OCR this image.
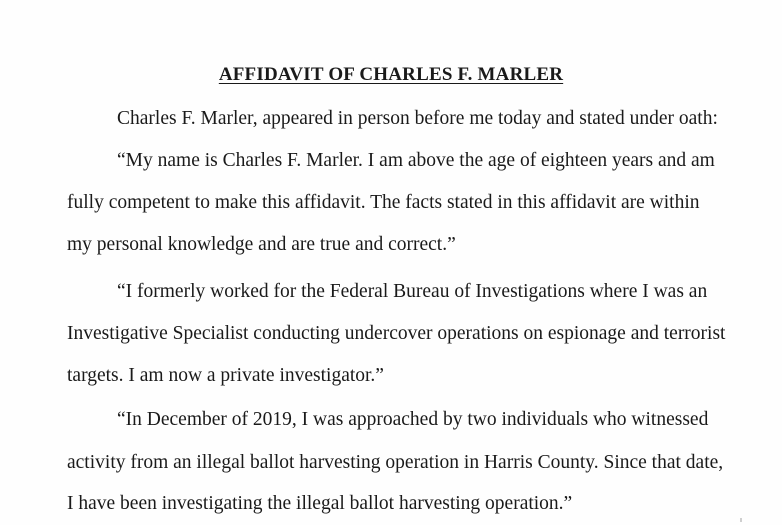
AFFIDAVIT OF CHARLES F. MARLER
Charles F. Marler, appeared in person before me today and stated under oath:
“My name is Charles F. Marler. I am above the age of eighteen years and am
fully competent to make this affidavit. The facts stated in this affidavit are within
my personal knowledge and are true and correct.”
“I formerly worked for the Federal Bureau of Investigations where I was an
Investigative Specialist conducting undercover operations on espionage and terrorist
targets. I am now a private investigator.”
“In December of 2019, I was approached by two individuals who witnessed
activity from an illegal ballot harvesting operation in Harris County. Since that date,
I have been investigating the illegal ballot harvesting operation.”
